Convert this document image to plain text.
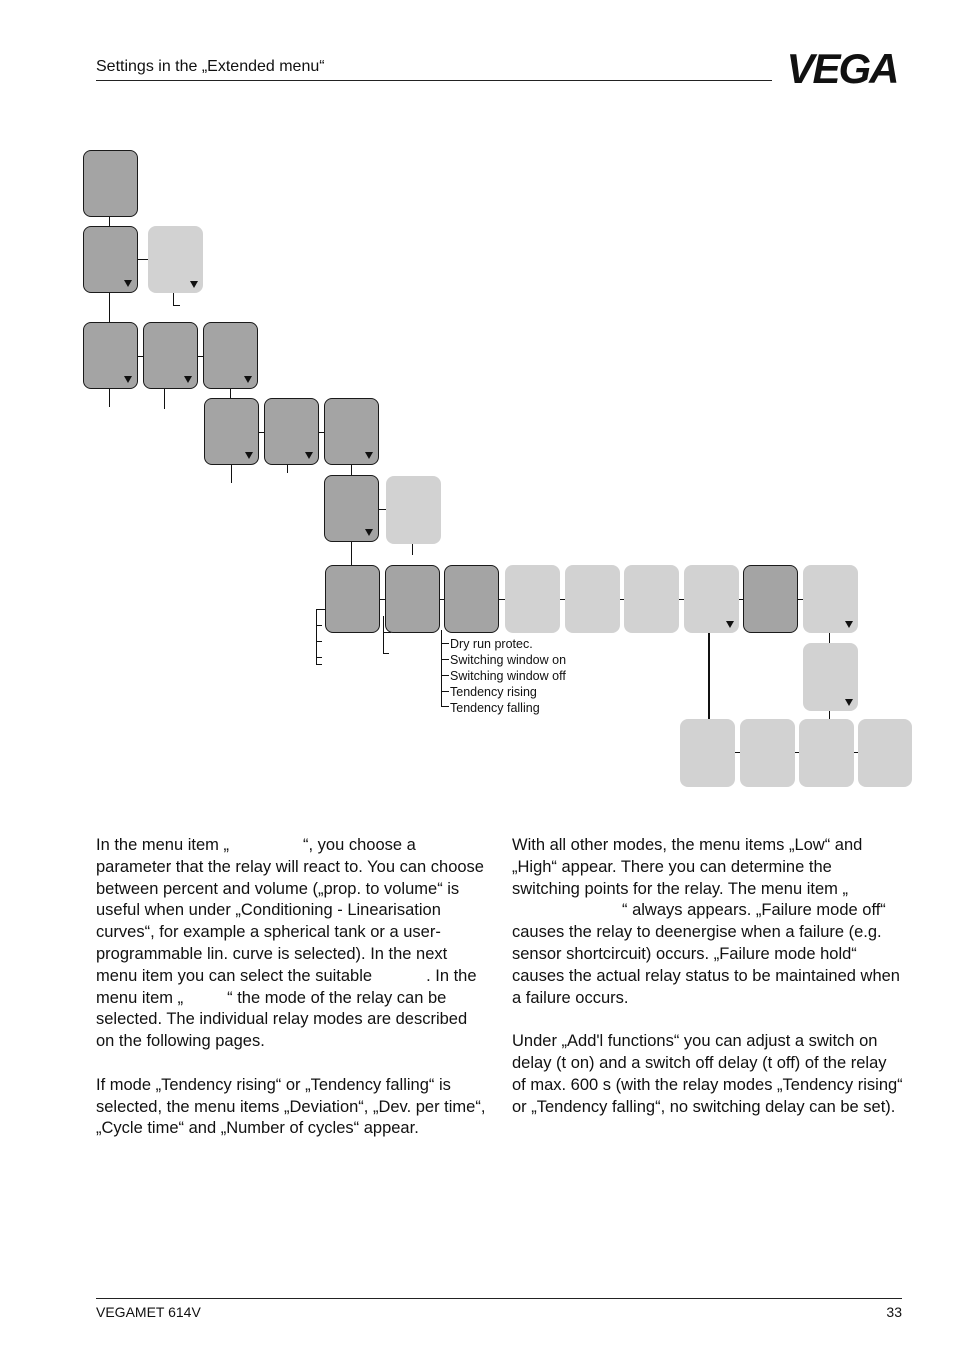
Settings in the „Extended menu“	VEGA
Dry run protec.
Switching window on
Switching window off
Tendency rising
Tendency falling

In the menu item „	“, you choose a parameter that the relay will react to. You can choose between percent and volume („prop. to volume“ is useful when under „Conditioning - Linearisation curves“, for example a spherical tank or a user-programmable lin. curve is selected). In the next menu item you can select the suitable	. In the menu item „	“ the mode of the relay can be selected. The individual relay modes are described on the following pages.

If mode „Tendency rising“ or „Tendency falling“ is selected, the menu items „Deviation“, „Dev. per time“, „Cycle time“ and „Number of cycles“ appear.

With all other modes, the menu items „Low“ and „High“ appear. There you can determine the switching points for the relay. The menu item „“ always appears. „Failure mode off“ causes the relay to deenergise when a failure (e.g. sensor shortcircuit) occurs. „Failure mode hold“ causes the actual relay status to be maintained when a failure occurs.

Under „Add'l functions“ you can adjust a switch on delay (t on) and a switch off delay (t off) of the relay of max. 600 s (with the relay modes „Tendency rising“ or „Tendency falling“, no switching delay can be set).

VEGAMET 614V	33
